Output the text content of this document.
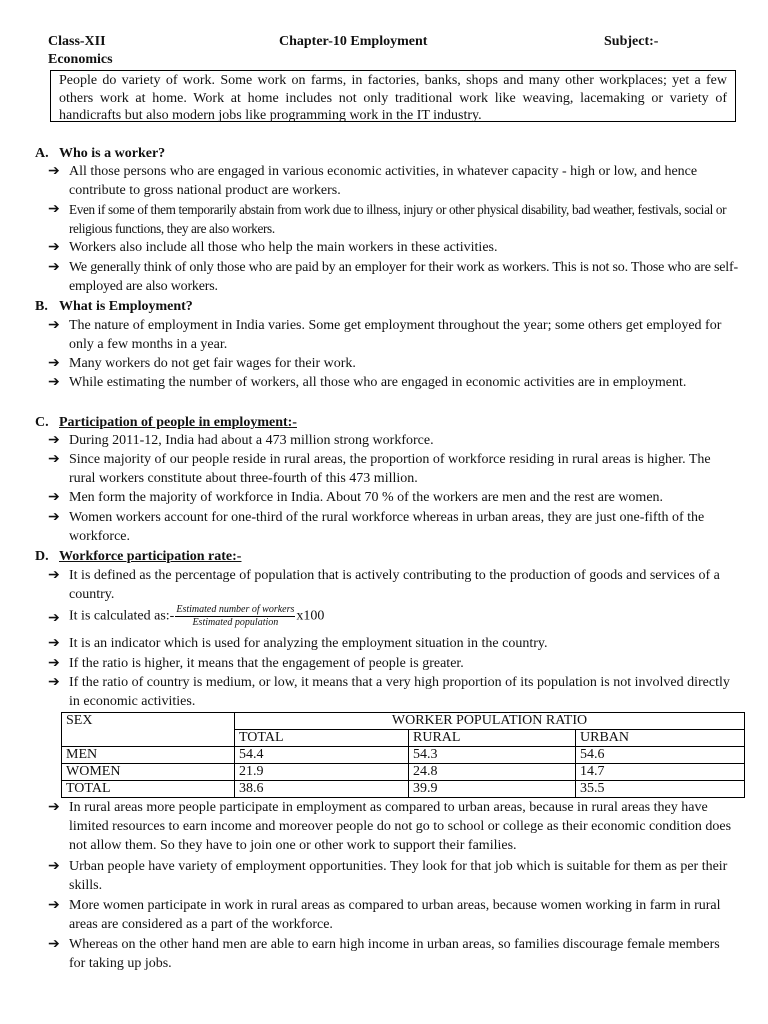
Class-XII	Chapter-10 Employment	Subject:-
Economics
People do variety of work. Some work on farms, in factories, banks, shops and many other workplaces; yet a few others work at home. Work at home includes not only traditional work like weaving, lacemaking or variety of handicrafts but also modern jobs like programming work in the IT industry.
A. Who is a worker?
➔ All those persons who are engaged in various economic activities, in whatever capacity - high or low, and hence contribute to gross national product are workers.
➔ Even if some of them temporarily abstain from work due to illness, injury or other physical disability, bad weather, festivals, social or religious functions, they are also workers.
➔ Workers also include all those who help the main workers in these activities.
➔ We generally think of only those who are paid by an employer for their work as workers. This is not so. Those who are self-employed are also workers.
B. What is Employment?
➔ The nature of employment in India varies. Some get employment throughout the year; some others get employed for only a few months in a year.
➔ Many workers do not get fair wages for their work.
➔ While estimating the number of workers, all those who are engaged in economic activities are in employment.
C. Participation of people in employment:-
➔ During 2011-12, India had about a 473 million strong workforce.
➔ Since majority of our people reside in rural areas, the proportion of workforce residing in rural areas is higher. The rural workers constitute about three-fourth of this 473 million.
➔ Men form the majority of workforce in India. About 70 % of the workers are men and the rest are women.
➔ Women workers account for one-third of the rural workforce whereas in urban areas, they are just one-fifth of the workforce.
D. Workforce participation rate:-
➔ It is defined as the percentage of population that is actively contributing to the production of goods and services of a country.
➔ It is calculated as:- Estimated number of workers
Estimated population x100
➔ It is an indicator which is used for analyzing the employment situation in the country.
➔ If the ratio is higher, it means that the engagement of people is greater.
➔ If the ratio of country is medium, or low, it means that a very high proportion of its population is not involved directly in economic activities.
SEX	WORKER POPULATION RATIO		
	TOTAL	RURAL	URBAN
MEN	54.4	54.3	54.6
WOMEN	21.9	24.8	14.7
TOTAL	38.6	39.9	35.5
➔ In rural areas more people participate in employment as compared to urban areas, because in rural areas they have limited resources to earn income and moreover people do not go to school or college as their economic condition does not allow them. So they have to join one or other work to support their families.
➔ Urban people have variety of employment opportunities. They look for that job which is suitable for them as per their skills.
➔ More women participate in work in rural areas as compared to urban areas, because women working in farm in rural areas are considered as a part of the workforce.
➔ Whereas on the other hand men are able to earn high income in urban areas, so families discourage female members for taking up jobs.
